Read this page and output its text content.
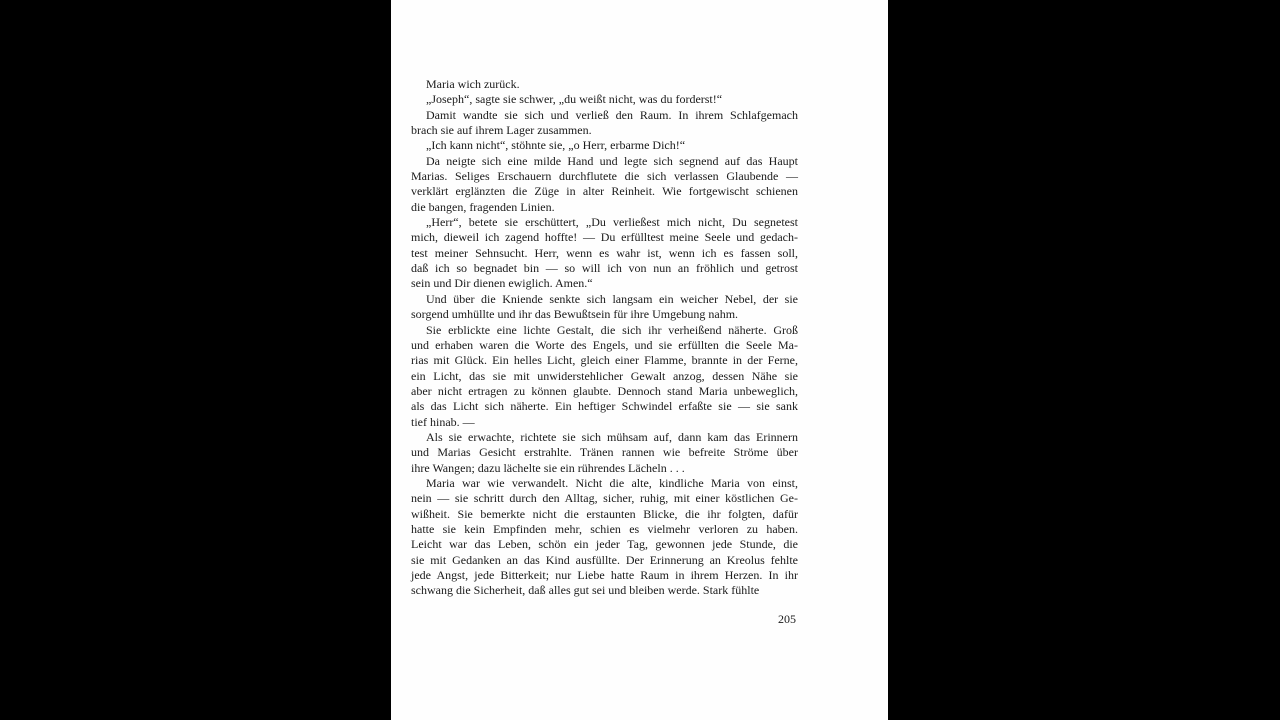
Maria wich zurück.
„Joseph“, sagte sie schwer, „du weißt nicht, was du forderst!“
Damit wandte sie sich und verließ den Raum. In ihrem Schlafgemach
brach sie auf ihrem Lager zusammen.
„Ich kann nicht“, stöhnte sie, „o Herr, erbarme Dich!“
Da neigte sich eine milde Hand und legte sich segnend auf das Haupt
Marias. Seliges Erschauern durchflutete die sich verlassen Glaubende —
verklärt erglänzten die Züge in alter Reinheit. Wie fortgewischt schienen
die bangen, fragenden Linien.
„Herr“, betete sie erschüttert, „Du verließest mich nicht, Du segnetest
mich, dieweil ich zagend hoffte! — Du erfülltest meine Seele und gedach-
test meiner Sehnsucht. Herr, wenn es wahr ist, wenn ich es fassen soll,
daß ich so begnadet bin — so will ich von nun an fröhlich und getrost
sein und Dir dienen ewiglich. Amen.“
Und über die Kniende senkte sich langsam ein weicher Nebel, der sie
sorgend umhüllte und ihr das Bewußtsein für ihre Umgebung nahm.
Sie erblickte eine lichte Gestalt, die sich ihr verheißend näherte. Groß
und erhaben waren die Worte des Engels, und sie erfüllten die Seele Ma-
rias mit Glück. Ein helles Licht, gleich einer Flamme, brannte in der Ferne,
ein Licht, das sie mit unwiderstehlicher Gewalt anzog, dessen Nähe sie
aber nicht ertragen zu können glaubte. Dennoch stand Maria unbeweglich,
als das Licht sich näherte. Ein heftiger Schwindel erfaßte sie — sie sank
tief hinab. —
Als sie erwachte, richtete sie sich mühsam auf, dann kam das Erinnern
und Marias Gesicht erstrahlte. Tränen rannen wie befreite Ströme über
ihre Wangen; dazu lächelte sie ein rührendes Lächeln . . .
Maria war wie verwandelt. Nicht die alte, kindliche Maria von einst,
nein — sie schritt durch den Alltag, sicher, ruhig, mit einer köstlichen Ge-
wißheit. Sie bemerkte nicht die erstaunten Blicke, die ihr folgten, dafür
hatte sie kein Empfinden mehr, schien es vielmehr verloren zu haben.
Leicht war das Leben, schön ein jeder Tag, gewonnen jede Stunde, die
sie mit Gedanken an das Kind ausfüllte. Der Erinnerung an Kreolus fehlte
jede Angst, jede Bitterkeit; nur Liebe hatte Raum in ihrem Herzen. In ihr
schwang die Sicherheit, daß alles gut sei und bleiben werde. Stark fühlte
205
